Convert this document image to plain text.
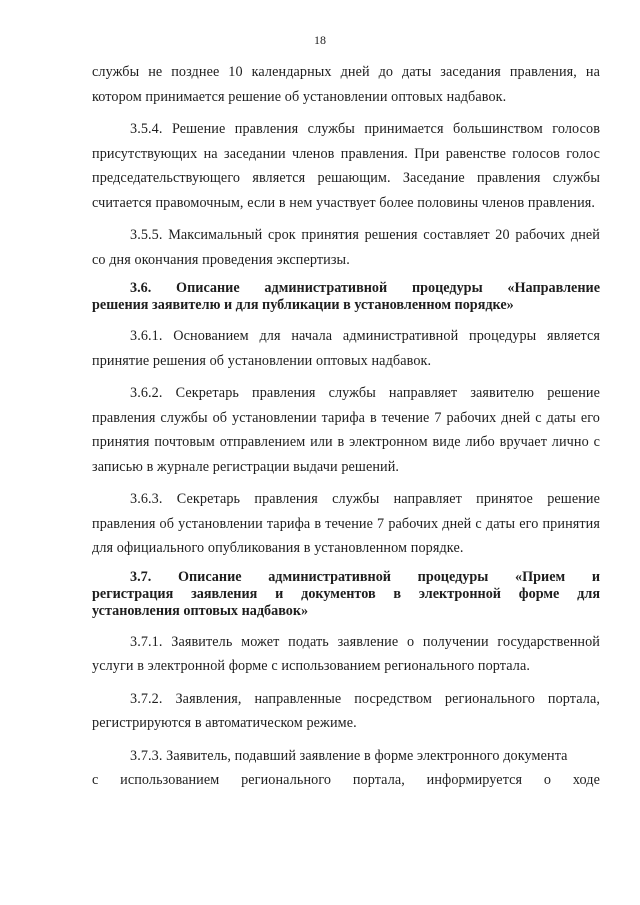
18

службы не позднее 10 календарных дней до даты заседания правления, на котором принимается решение об установлении оптовых надбавок.

3.5.4. Решение правления службы принимается большинством голосов присутствующих на заседании членов правления. При равенстве голосов голос председательствующего является решающим. Заседание правления службы считается правомочным, если в нем участвует более половины членов правления.

3.5.5. Максимальный срок принятия решения составляет 20 рабочих дней со дня окончания проведения экспертизы.

3.6. Описание административной процедуры «Направление
решения заявителю и для публикации в установленном порядке»

3.6.1. Основанием для начала административной процедуры является принятие решения об установлении оптовых надбавок.

3.6.2. Секретарь правления службы направляет заявителю решение правления службы об установлении тарифа в течение 7 рабочих дней с даты его принятия почтовым отправлением или в электронном виде либо вручает лично с записью в журнале регистрации выдачи решений.

3.6.3. Секретарь правления службы направляет принятое решение правления об установлении тарифа в течение 7 рабочих дней с даты его принятия для официального опубликования в установленном порядке.

3.7. Описание административной процедуры «Прием и
регистрация заявления и документов в электронной форме для
установления оптовых надбавок»

3.7.1. Заявитель может подать заявление о получении государственной услуги в электронной форме с использованием регионального портала.

3.7.2. Заявления, направленные посредством регионального портала, регистрируются в автоматическом режиме.

3.7.3. Заявитель, подавший заявление в форме электронного документа

с использованием регионального портала, информируется о ходе
